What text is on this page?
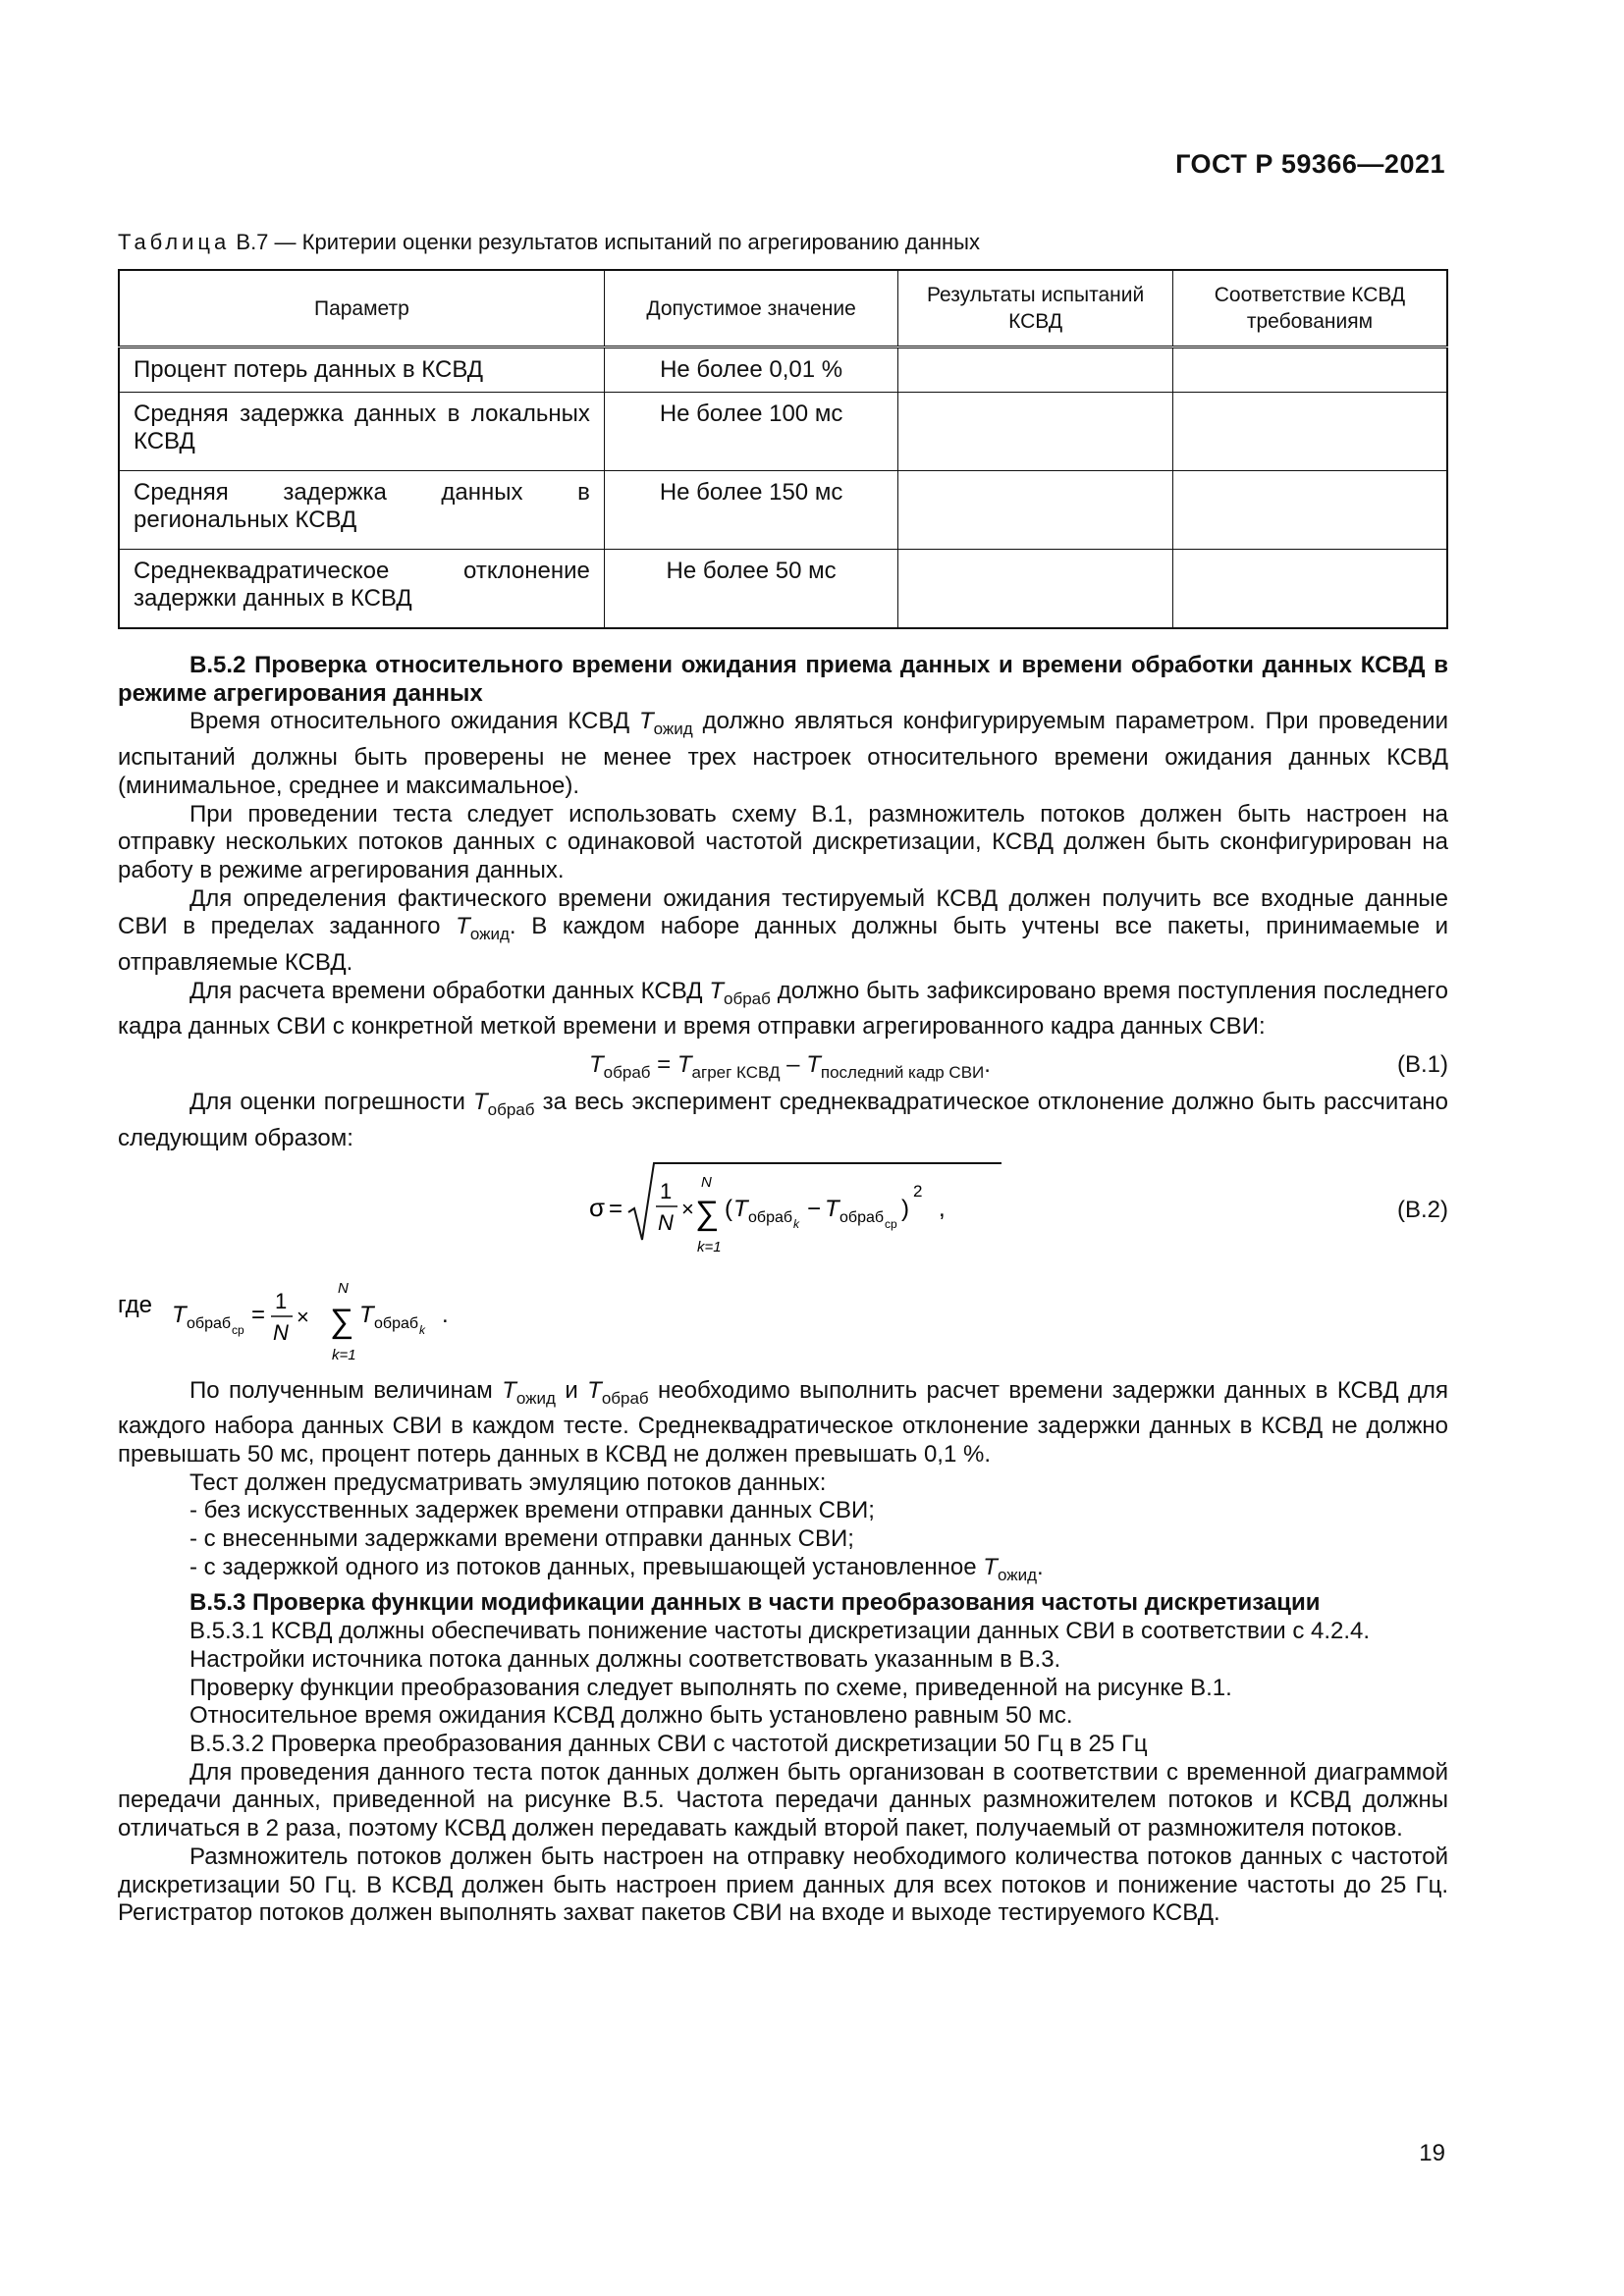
ГОСТ Р 59366—2021
Таблица В.7 — Критерии оценки результатов испытаний по агрегированию данных
Параметр	Допустимое значение	Результаты испытаний КСВД	Соответствие КСВД требованиям
Процент потерь данных в КСВД	Не более 0,01 %		
Средняя задержка данных в локальных КСВД	Не более 100 мс		
Средняя задержка данных в региональных КСВД	Не более 150 мс		
Среднеквадратическое отклонение задержки данных в КСВД	Не более 50 мс		

В.5.2 Проверка относительного времени ожидания приема данных и времени обработки данных КСВД в режиме агрегирования данных

Время относительного ожидания КСВД $T_{ожид}$ должно являться конфигурируемым параметром. При проведении испытаний должны быть проверены не менее трех настроек относительного времени ожидания данных КСВД (минимальное, среднее и максимальное).

При проведении теста следует использовать схему В.1, размножитель потоков должен быть настроен на отправку нескольких потоков данных с одинаковой частотой дискретизации, КСВД должен быть сконфигурирован на работу в режиме агрегирования данных.

Для определения фактического времени ожидания тестируемый КСВД должен получить все входные данные СВИ в пределах заданного $T_{ожид}$. В каждом наборе данных должны быть учтены все пакеты, принимаемые и отправляемые КСВД.

Для расчета времени обработки данных КСВД $T_{обраб}$ должно быть зафиксировано время поступления последнего кадра данных СВИ с конкретной меткой времени и время отправки агрегированного кадра данных СВИ:

$T_{обраб} = T_{агрег КСВД} - T_{последний кадр СВИ}$.	(В.1)

Для оценки погрешности $T_{обраб}$ за весь эксперимент среднеквадратическое отклонение должно быть рассчитано следующим образом:

σ =
1
N
×
N
∑
k=1
( T обраб k
− T обраб ср
)
2
,	(В.2)
где T обраб ср
=
1
N
×
N
∑
k=1
T обраб k
.

По полученным величинам $T_{ожид}$ и $T_{обраб}$ необходимо выполнить расчет времени задержки данных в КСВД для каждого набора данных СВИ в каждом тесте. Среднеквадратическое отклонение задержки данных в КСВД не должно превышать 50 мс, процент потерь данных в КСВД не должен превышать 0,1 %.

Тест должен предусматривать эмуляцию потоков данных:

- без искусственных задержек времени отправки данных СВИ;

- с внесенными задержками времени отправки данных СВИ;

- с задержкой одного из потоков данных, превышающей установленное $T_{ожид}$.

В.5.3 Проверка функции модификации данных в части преобразования частоты дискретизации

В.5.3.1 КСВД должны обеспечивать понижение частоты дискретизации данных СВИ в соответствии с 4.2.4.

Настройки источника потока данных должны соответствовать указанным в В.3.

Проверку функции преобразования следует выполнять по схеме, приведенной на рисунке В.1.

Относительное время ожидания КСВД должно быть установлено равным 50 мс.

В.5.3.2 Проверка преобразования данных СВИ с частотой дискретизации 50 Гц в 25 Гц

Для проведения данного теста поток данных должен быть организован в соответствии с временной диаграммой передачи данных, приведенной на рисунке В.5. Частота передачи данных размножителем потоков и КСВД должны отличаться в 2 раза, поэтому КСВД должен передавать каждый второй пакет, получаемый от размножителя потоков.

Размножитель потоков должен быть настроен на отправку необходимого количества потоков данных с частотой дискретизации 50 Гц. В КСВД должен быть настроен прием данных для всех потоков и понижение частоты до 25 Гц. Регистратор потоков должен выполнять захват пакетов СВИ на входе и выходе тестируемого КСВД.

19
